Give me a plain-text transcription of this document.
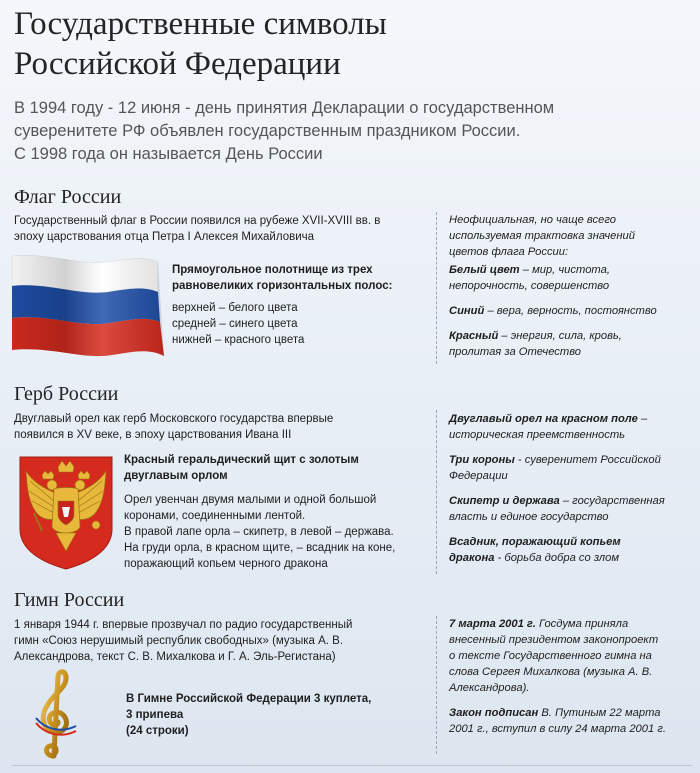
Государственные символы
Российской Федерации
В 1994 году - 12 июня - день принятия Декларации о государственном
суверенитете РФ объявлен государственным праздником России.
С 1998 года он называется День России
Флаг России
Государственный флаг в России появился на рубеже XVII-XVIII вв. в
эпоху царствования отца Петра I Алексея Михайловича
Прямоугольное полотнище из трех
равновеликих горизонтальных полос:
верхней – белого цвета
средней – синего цвета
нижней – красного цвета
Неофициальная, но чаще всего
используемая трактовка значений
цветов флага России:
Белый цвет – мир, чистота,
непорочность, совершенство
Синий – вера, верность, постоянство
Красный – энергия, сила, кровь,
пролитая за Отечество
Герб России
Двуглавый орел как герб Московского государства впервые
появился в XV веке, в эпоху царствования Ивана III
Красный геральдический щит с золотым
двуглавым орлом
Орел увенчан двумя малыми и одной большой
коронами, соединенными лентой.
В правой лапе орла – скипетр, в левой – держава.
На груди орла, в красном щите, – всадник на коне,
поражающий копьем черного дракона
Двуглавый орел на красном поле –
историческая преемственность
Три короны - суверенитет Российской
Федерации
Скипетр и держава – государственная
власть и единое государство
Всадник, поражающий копьем
дракона - борьба добра со злом
Гимн России
1 января 1944 г. впервые прозвучал по радио государственный
гимн «Союз нерушимый республик свободных» (музыка А. В.
Александрова, текст С. В. Михалкова и Г. А. Эль-Регистана)
В Гимне Российской Федерации 3 куплета,
3 припева
(24 строки)
7 марта 2001 г. Госдума приняла
внесенный президентом законопроект
о тексте Государственного гимна на
слова Сергея Михалкова (музыка А. В.
Александрова).
Закон подписан В. Путиным 22 марта
2001 г., вступил в силу 24 марта 2001 г.
